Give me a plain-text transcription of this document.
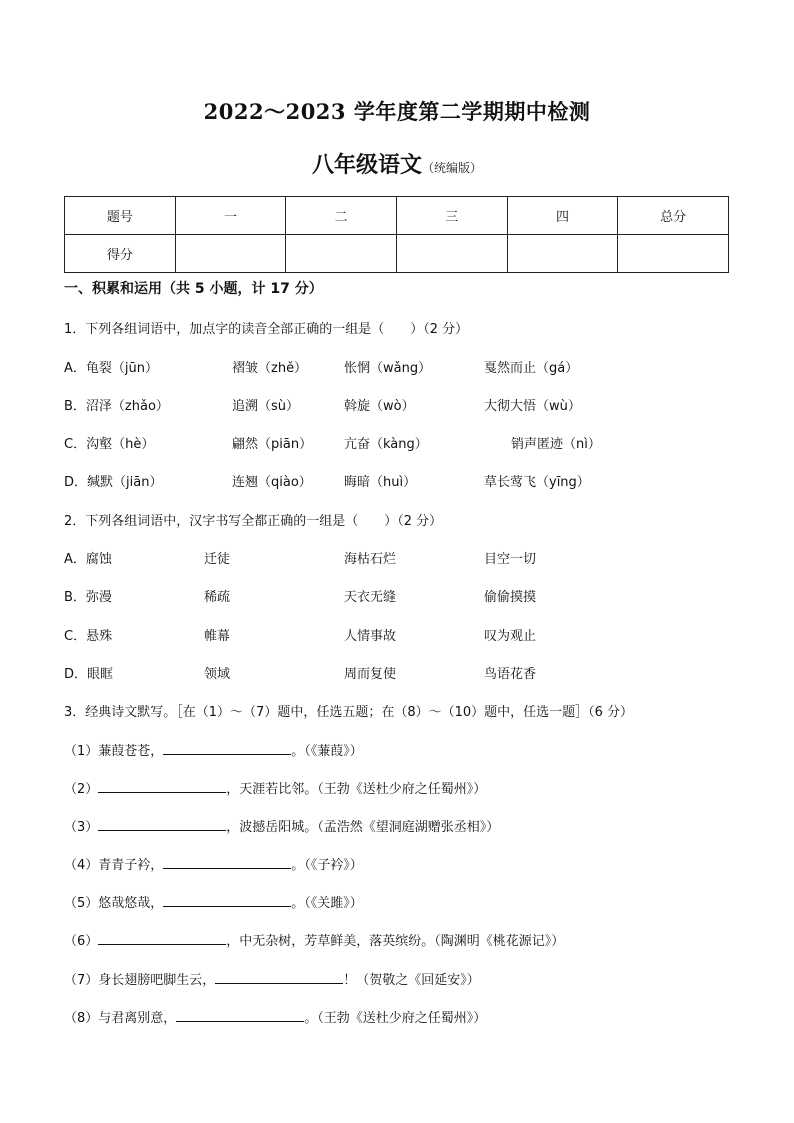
2022～2023 学年度第二学期期中检测
八年级语文（统编版）
题号	一	二	三	四	总分
得分					
一、积累和运用（共 5 小题，计 17 分）
1．下列各组词语中，加点字的读音全部正确的一组是（　　）（2 分）
A．龟裂（jūn）	褶皱（zhě）	怅惘（wǎng）	戛然而止（gá）
B．沼泽（zhǎo）	追溯（sù）	斡旋（wò）	大彻大悟（wù）
C．沟壑（hè）	翩然（piān） 亢奋（kàng）	销声匿迹（nì）
D．缄默（jiān）	连翘（qiào） 晦暗（huì）	草长莺飞（yīng）
2．下列各组词语中，汉字书写全都正确的一组是（　　）（2 分）
A．腐蚀	迁徒	海枯石烂	目空一切
B．弥漫	稀疏	天衣无缝	偷偷摸摸
C．悬殊	帷幕	人情事故	叹为观止
D．眼眶	领域	周而复使	鸟语花香
3．经典诗文默写。［在（1）～（7）题中，任选五题；在（8）～（10）题中，任选一题］（6 分）
（1）蒹葭苍苍，	。（《蒹葭》）
（2）	，天涯若比邻。（王勃《送杜少府之任蜀州》）
（3）	，波撼岳阳城。（孟浩然《望洞庭湖赠张丞相》）
（4）青青子衿，	。（《子衿》）
（5）悠哉悠哉，	。（《关雎》）
（6）	，中无杂树，芳草鲜美，落英缤纷。（陶渊明《桃花源记》）
（7）身长翅膀吧脚生云，	！（贺敬之《回延安》）
（8）与君离别意，	。（王勃《送杜少府之任蜀州》）
